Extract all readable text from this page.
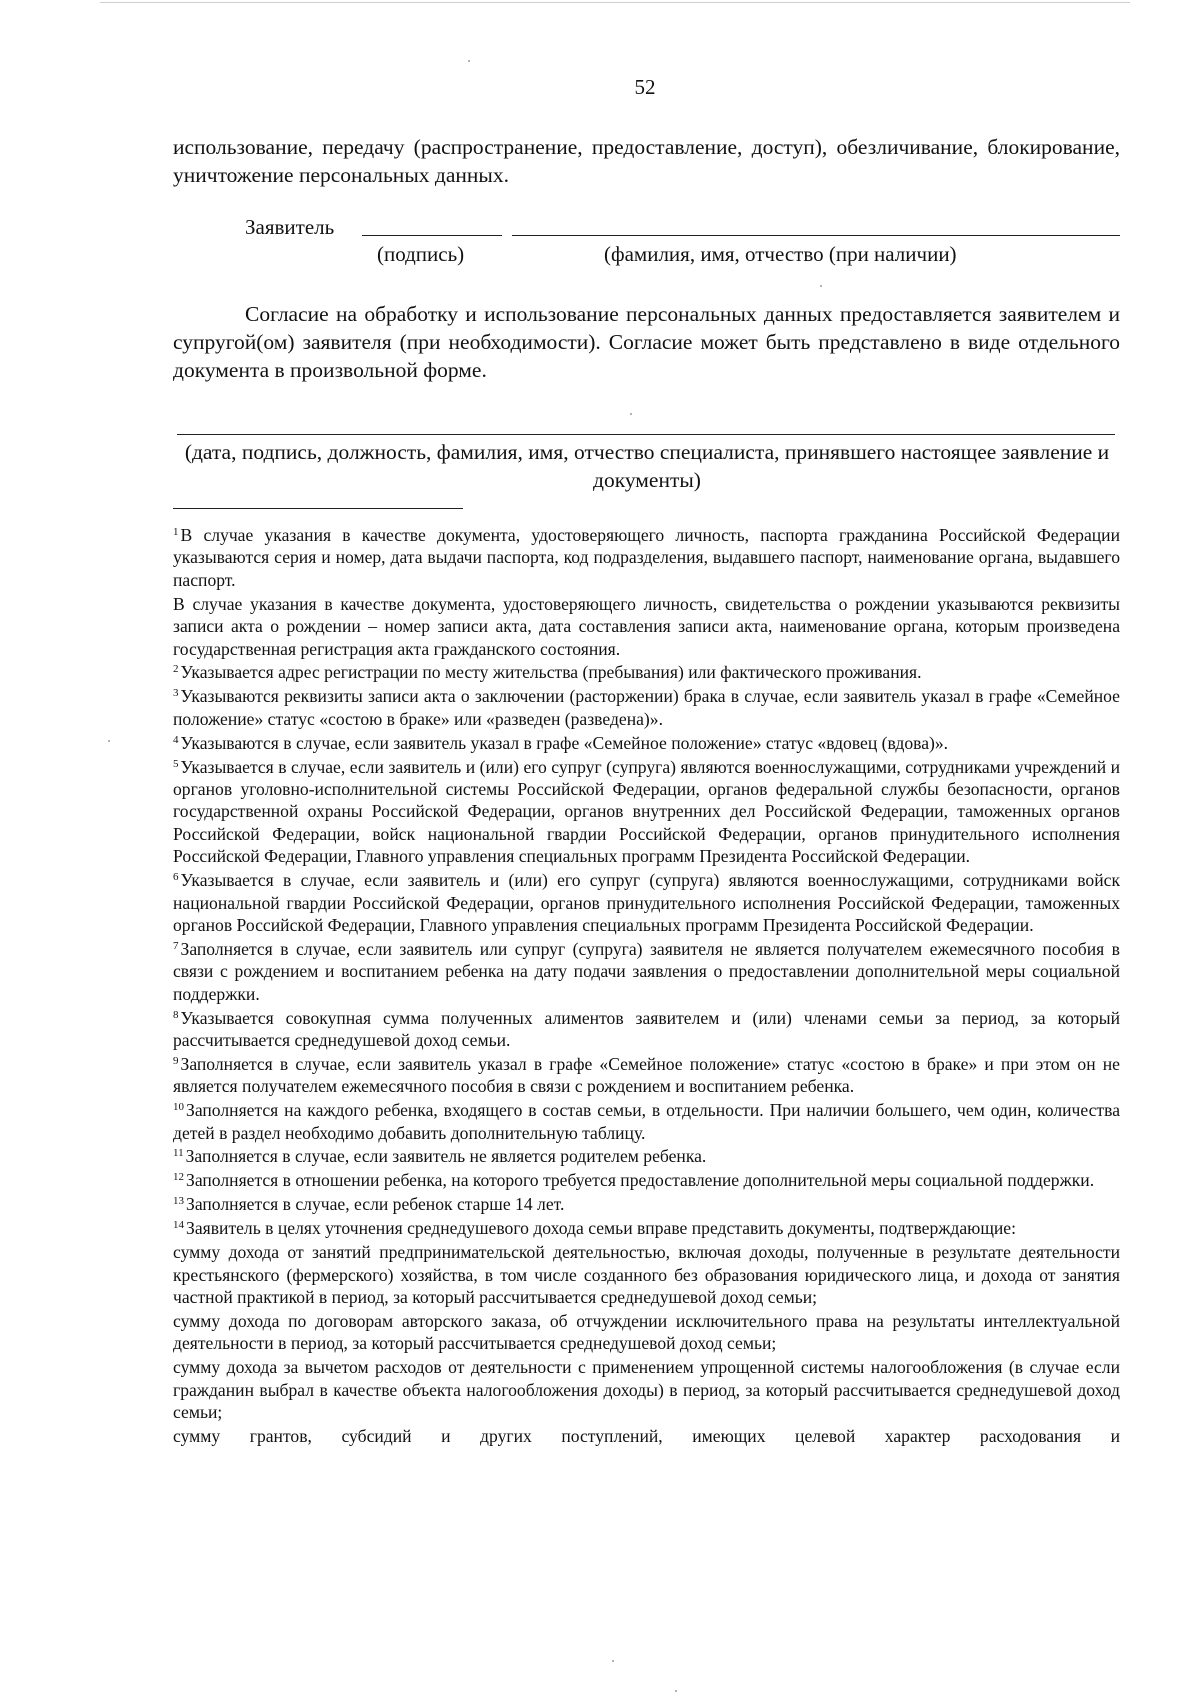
52
использование, передачу (распространение, предоставление, доступ), обезличивание, блокирование, уничтожение персональных данных.
Заявитель
(подпись)	(фамилия, имя, отчество (при наличии)
Согласие на обработку и использование персональных данных предоставляется заявителем и супругой(ом) заявителя (при необходимости). Согласие может быть представлено в виде отдельного документа в произвольной форме.
(дата, подпись, должность, фамилия, имя, отчество специалиста, принявшего настоящее заявление и документы)

$^1$ В случае указания в качестве документа, удостоверяющего личность, паспорта гражданина Российской Федерации указываются серия и номер, дата выдачи паспорта, код подразделения, выдавшего паспорт, наименование органа, выдавшего паспорт.

В случае указания в качестве документа, удостоверяющего личность, свидетельства о рождении указываются реквизиты записи акта о рождении – номер записи акта, дата составления записи акта, наименование органа, которым произведена государственная регистрация акта гражданского состояния.

$^2$ Указывается адрес регистрации по месту жительства (пребывания) или фактического проживания.

$^3$ Указываются реквизиты записи акта о заключении (расторжении) брака в случае, если заявитель указал в графе «Семейное положение» статус «состою в браке» или «разведен (разведена)».

$^4$ Указываются в случае, если заявитель указал в графе «Семейное положение» статус «вдовец (вдова)».

$^5$ Указывается в случае, если заявитель и (или) его супруг (супруга) являются военнослужащими, сотрудниками учреждений и органов уголовно-исполнительной системы Российской Федерации, органов федеральной службы безопасности, органов государственной охраны Российской Федерации, органов внутренних дел Российской Федерации, таможенных органов Российской Федерации, войск национальной гвардии Российской Федерации, органов принудительного исполнения Российской Федерации, Главного управления специальных программ Президента Российской Федерации.

$^6$ Указывается в случае, если заявитель и (или) его супруг (супруга) являются военнослужащими, сотрудниками войск национальной гвардии Российской Федерации, органов принудительного исполнения Российской Федерации, таможенных органов Российской Федерации, Главного управления специальных программ Президента Российской Федерации.

$^7$ Заполняется в случае, если заявитель или супруг (супруга) заявителя не является получателем ежемесячного пособия в связи с рождением и воспитанием ребенка на дату подачи заявления о предоставлении дополнительной меры социальной поддержки.

$^8$ Указывается совокупная сумма полученных алиментов заявителем и (или) членами семьи за период, за который рассчитывается среднедушевой доход семьи.

$^9$ Заполняется в случае, если заявитель указал в графе «Семейное положение» статус «состою в браке» и при этом он не является получателем ежемесячного пособия в связи с рождением и воспитанием ребенка.

$^{10}$ Заполняется на каждого ребенка, входящего в состав семьи, в отдельности. При наличии большего, чем один, количества детей в раздел необходимо добавить дополнительную таблицу.

$^{11}$ Заполняется в случае, если заявитель не является родителем ребенка.

$^{12}$ Заполняется в отношении ребенка, на которого требуется предоставление дополнительной меры социальной поддержки.

$^{13}$ Заполняется в случае, если ребенок старше 14 лет.

$^{14}$ Заявитель в целях уточнения среднедушевого дохода семьи вправе представить документы, подтверждающие:

сумму дохода от занятий предпринимательской деятельностью, включая доходы, полученные в результате деятельности крестьянского (фермерского) хозяйства, в том числе созданного без образования юридического лица, и дохода от занятия частной практикой в период, за который рассчитывается среднедушевой доход семьи;

сумму дохода по договорам авторского заказа, об отчуждении исключительного права на результаты интеллектуальной деятельности в период, за который рассчитывается среднедушевой доход семьи;

сумму дохода за вычетом расходов от деятельности с применением упрощенной системы налогообложения (в случае если гражданин выбрал в качестве объекта налогообложения доходы) в период, за который рассчитывается среднедушевой доход семьи;

сумму грантов, субсидий и других поступлений, имеющих целевой характер расходования и
